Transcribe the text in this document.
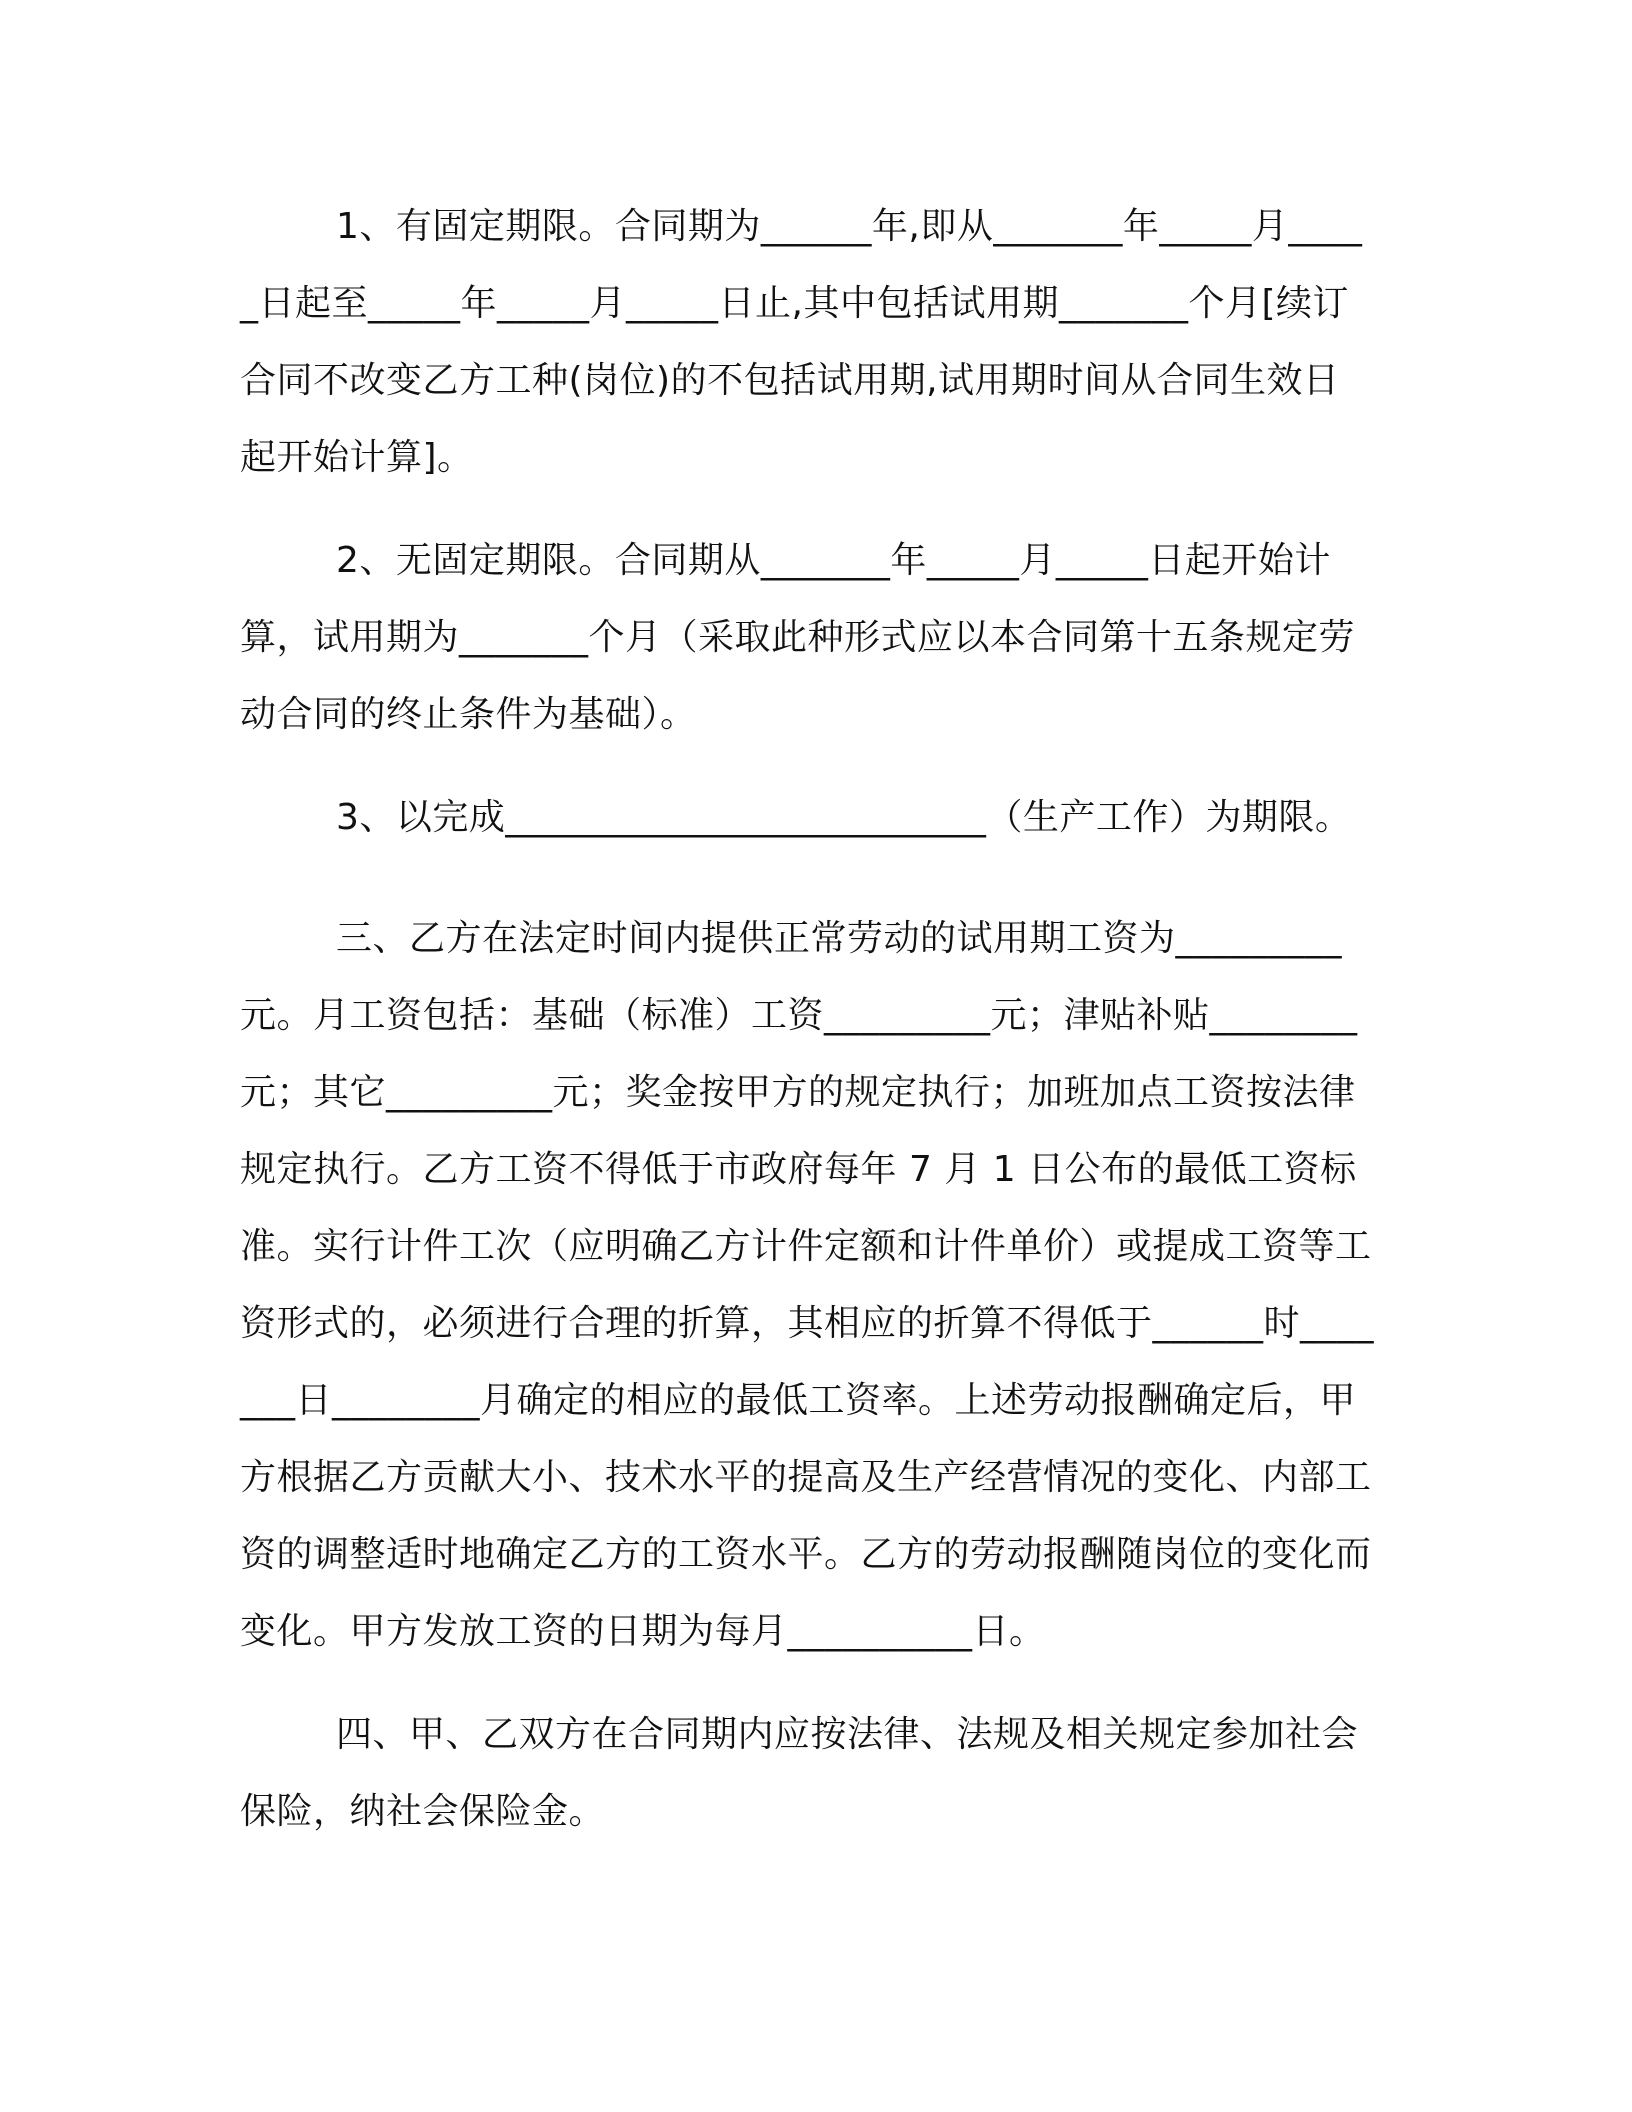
1、有固定期限。合同期为______年,即从_______年_____月_____日起至_____年_____月_____日止,其中包括试用期_______个月[续订合同不改变乙方工种(岗位)的不包括试用期,试用期时间从合同生效日起开始计算]。

2、无固定期限。合同期从_______年_____月_____日起开始计算，试用期为_______个月（采取此种形式应以本合同第十五条规定劳动合同的终止条件为基础）。

3、以完成__________________________（生产工作）为期限。

三、乙方在法定时间内提供正常劳动的试用期工资为_________元。月工资包括：基础（标准）工资_________元；津贴补贴________元；其它_________元；奖金按甲方的规定执行；加班加点工资按法律规定执行。乙方工资不得低于市政府每年 7 月 1 日公布的最低工资标准。实行计件工次（应明确乙方计件定额和计件单价）或提成工资等工资形式的，必须进行合理的折算，其相应的折算不得低于______时_______日________月确定的相应的最低工资率。上述劳动报酬确定后，甲方根据乙方贡献大小、技术水平的提高及生产经营情况的变化、内部工资的调整适时地确定乙方的工资水平。乙方的劳动报酬随岗位的变化而变化。甲方发放工资的日期为每月__________日。

四、甲、乙双方在合同期内应按法律、法规及相关规定参加社会保险，纳社会保险金。
